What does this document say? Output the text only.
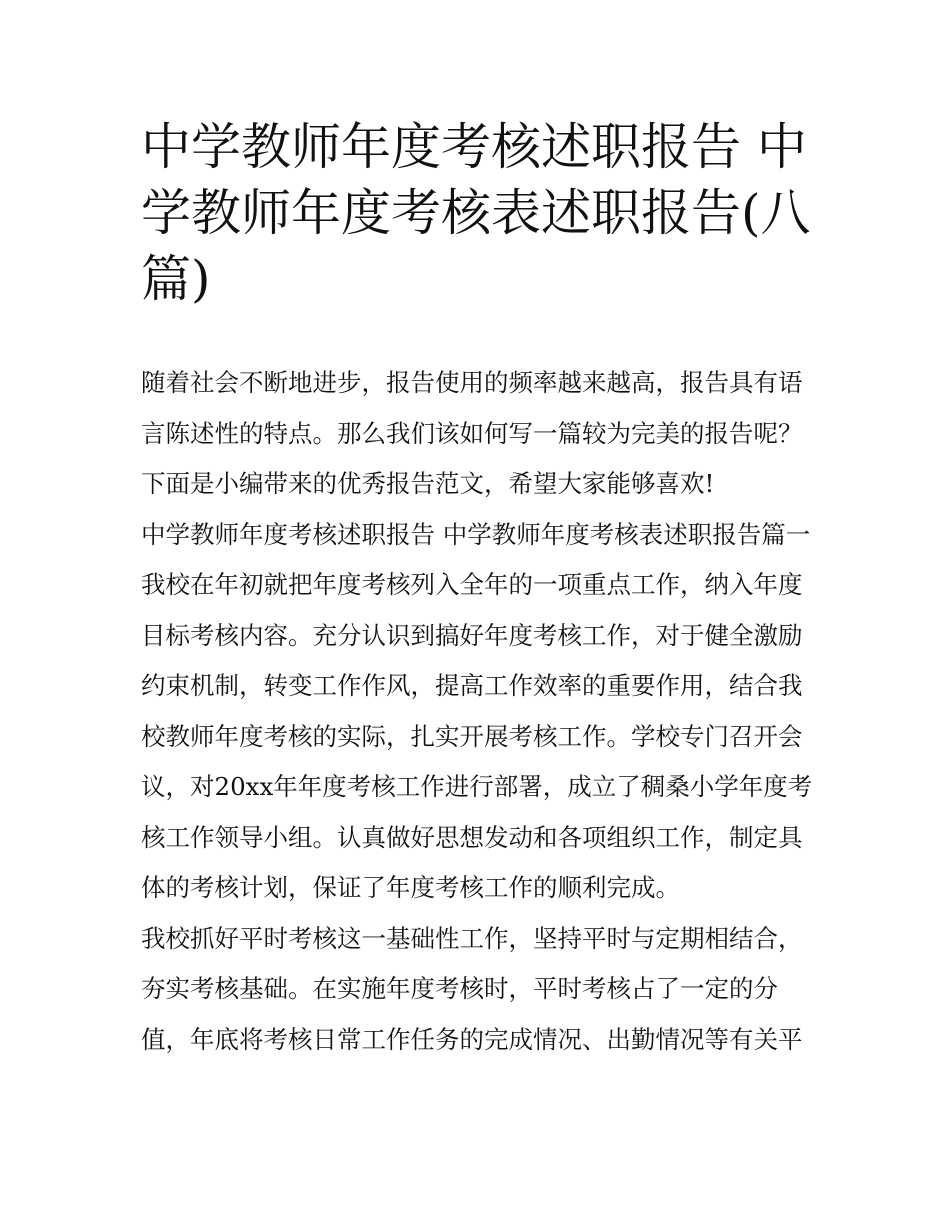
中学教师年度考核述职报告 中学教师年度考核表述职报告(八篇)

随着社会不断地进步，报告使用的频率越来越高，报告具有语言陈述性的特点。那么我们该如何写一篇较为完美的报告呢？下面是小编带来的优秀报告范文，希望大家能够喜欢!

中学教师年度考核述职报告 中学教师年度考核表述职报告篇一

我校在年初就把年度考核列入全年的一项重点工作，纳入年度目标考核内容。充分认识到搞好年度考核工作，对于健全激励约束机制，转变工作作风，提高工作效率的重要作用，结合我校教师年度考核的实际，扎实开展考核工作。学校专门召开会议，对20xx年年度考核工作进行部署，成立了稠桑小学年度考核工作领导小组。认真做好思想发动和各项组织工作，制定具体的考核计划，保证了年度考核工作的顺利完成。

我校抓好平时考核这一基础性工作，坚持平时与定期相结合，夯实考核基础。在实施年度考核时，平时考核占了一定的分值，年底将考核日常工作任务的完成情况、出勤情况等有关平
